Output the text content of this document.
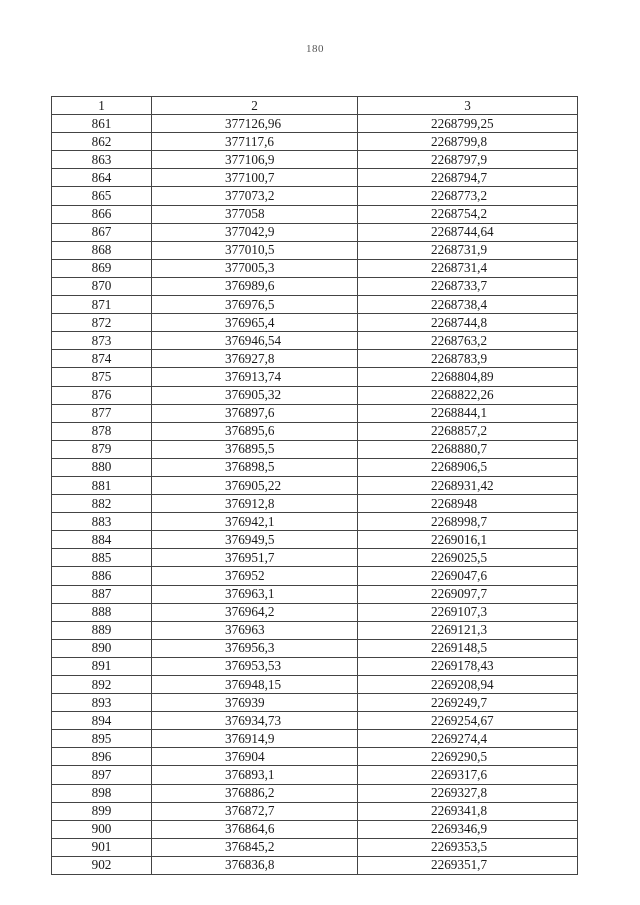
180
1	2	3
861	377126,96	2268799,25
862	377117,6	2268799,8
863	377106,9	2268797,9
864	377100,7	2268794,7
865	377073,2	2268773,2
866	377058	2268754,2
867	377042,9	2268744,64
868	377010,5	2268731,9
869	377005,3	2268731,4
870	376989,6	2268733,7
871	376976,5	2268738,4
872	376965,4	2268744,8
873	376946,54	2268763,2
874	376927,8	2268783,9
875	376913,74	2268804,89
876	376905,32	2268822,26
877	376897,6	2268844,1
878	376895,6	2268857,2
879	376895,5	2268880,7
880	376898,5	2268906,5
881	376905,22	2268931,42
882	376912,8	2268948
883	376942,1	2268998,7
884	376949,5	2269016,1
885	376951,7	2269025,5
886	376952	2269047,6
887	376963,1	2269097,7
888	376964,2	2269107,3
889	376963	2269121,3
890	376956,3	2269148,5
891	376953,53	2269178,43
892	376948,15	2269208,94
893	376939	2269249,7
894	376934,73	2269254,67
895	376914,9	2269274,4
896	376904	2269290,5
897	376893,1	2269317,6
898	376886,2	2269327,8
899	376872,7	2269341,8
900	376864,6	2269346,9
901	376845,2	2269353,5
902	376836,8	2269351,7
